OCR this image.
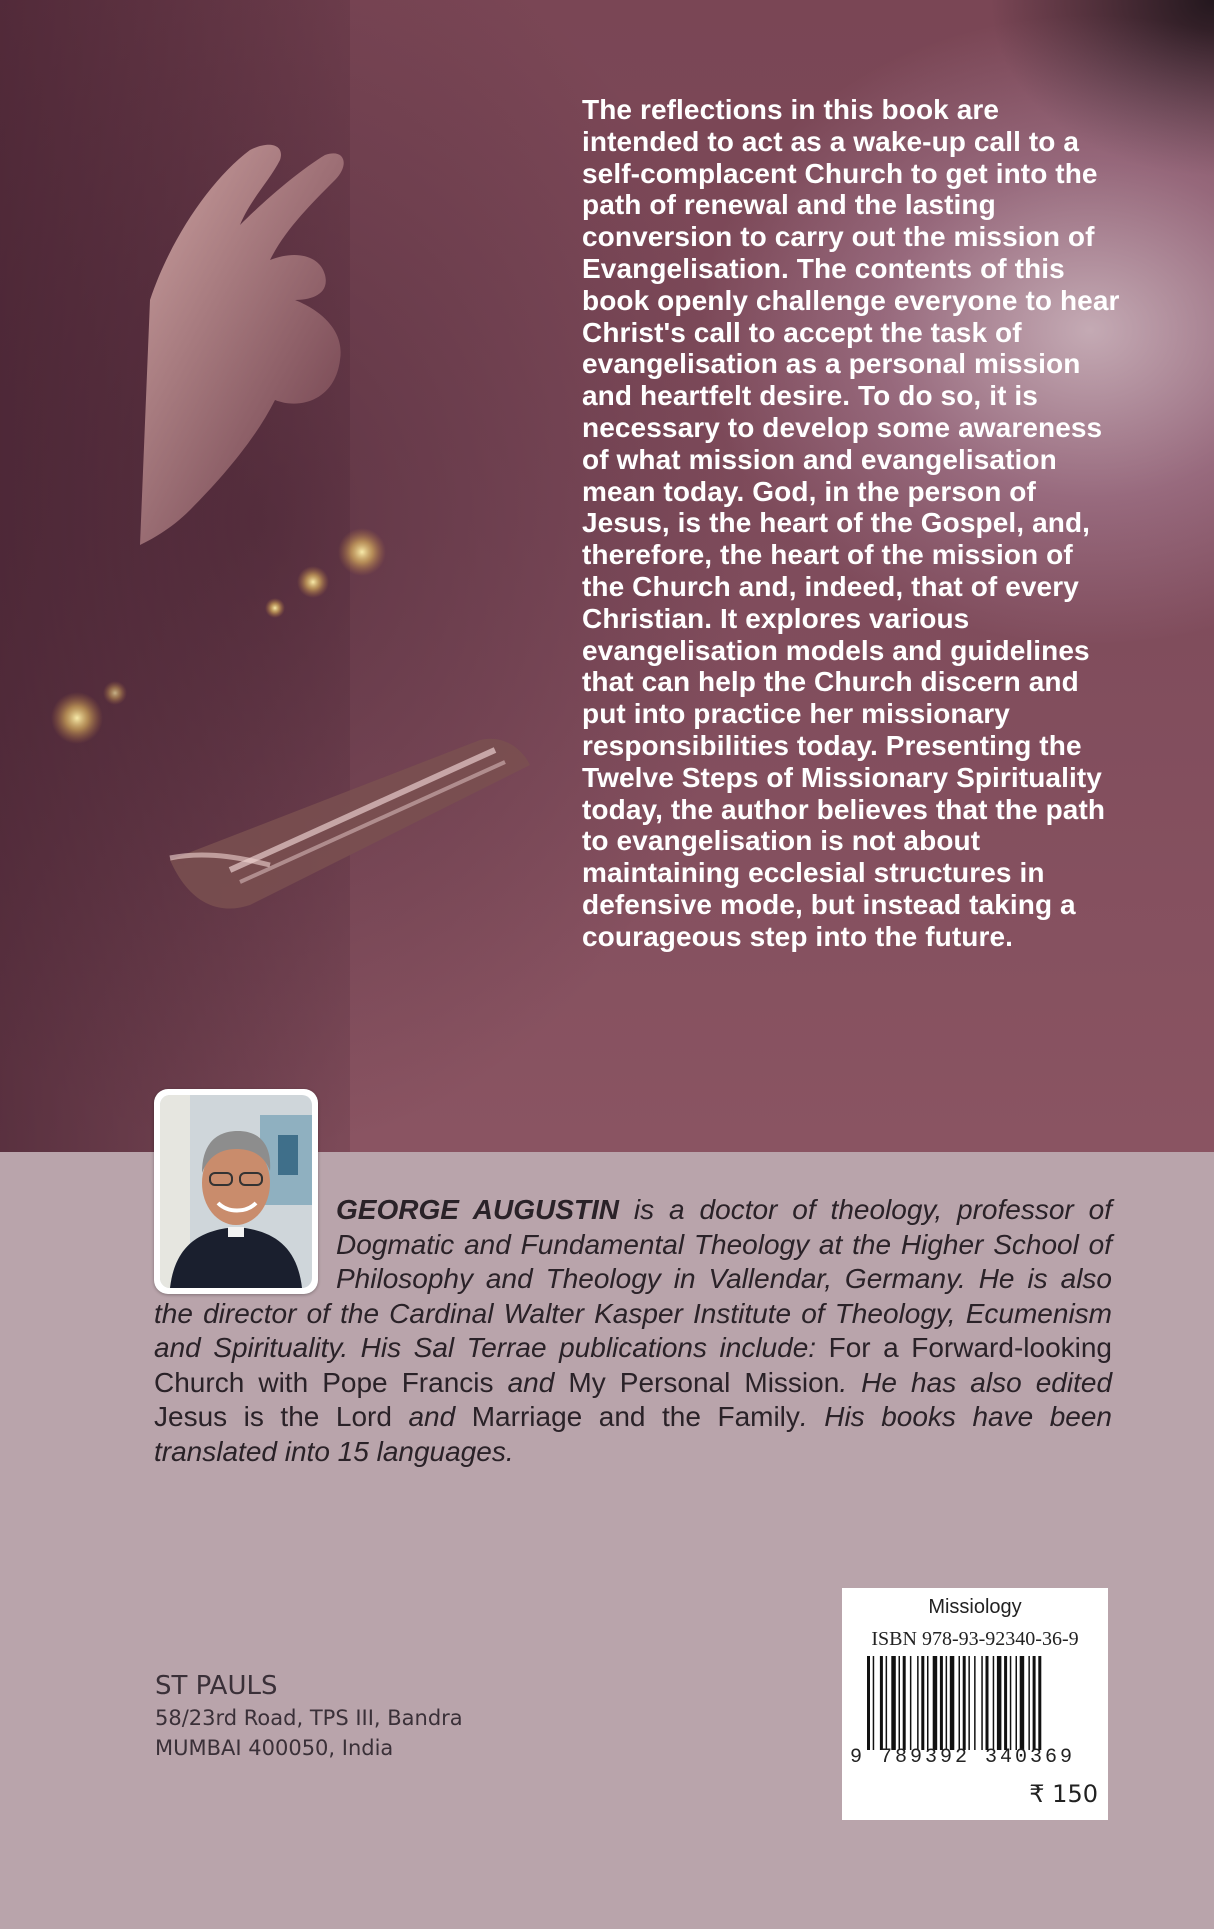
The reflections in this book are intended to act as a wake-up call to a self-complacent Church to get into the path of renewal and the lasting conversion to carry out the mission of Evangelisation. The contents of this book openly challenge everyone to hear Christ's call to accept the task of evangelisation as a personal mission and heartfelt desire. To do so, it is necessary to develop some awareness of what mission and evangelisation mean today. God, in the person of Jesus, is the heart of the Gospel, and, therefore, the heart of the mission of the Church and, indeed, that of every Christian. It explores various evangelisation models and guidelines that can help the Church discern and put into practice her missionary responsibilities today. Presenting the Twelve Steps of Missionary Spirituality today, the author believes that the path to evangelisation is not about maintaining ecclesial structures in defensive mode, but instead taking a courageous step into the future.

GEORGE AUGUSTIN is a doctor of theology, professor of Dogmatic and Fundamental Theology at the Higher School of Philosophy and Theology in Vallendar, Germany. He is also the director of the Cardinal Walter Kasper Institute of Theology, Ecumenism and Spirituality. His Sal Terrae publications include: For a Forward-looking Church with Pope Francis and My Personal Mission. He has also edited Jesus is the Lord and Marriage and the Family. His books have been translated into 15 languages.

ST PAULS
58/23rd Road, TPS III, Bandra
MUMBAI 400050, India
Missiology
ISBN 978-93-92340-36-9
9 789392 340369
₹ 150
